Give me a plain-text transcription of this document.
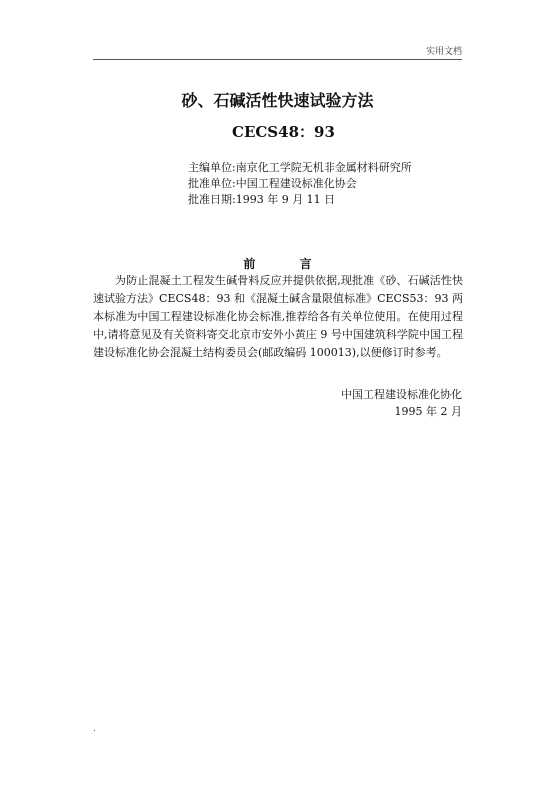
实用文档
砂、石碱活性快速试验方法
CECS48：93
主编单位:南京化工学院无机非金属材料研究所
批准单位:中国工程建设标准化协会
批准日期:1993 年 9 月 11 日
前 言
为防止混凝土工程发生碱骨料反应并提供依据,现批准《砂、石碱活性快速试验方法》CECS48：93 和《混凝土碱含量限值标准》CECS53：93 两本标准为中国工程建设标准化协会标准,推荐给各有关单位使用。在使用过程中,请将意见及有关资料寄交北京市安外小黄庄 9 号中国建筑科学院中国工程建设标准化协会混凝土结构委员会(邮政编码 100013),以便修订时参考。
中国工程建设标准化协化
1995 年 2 月
.
